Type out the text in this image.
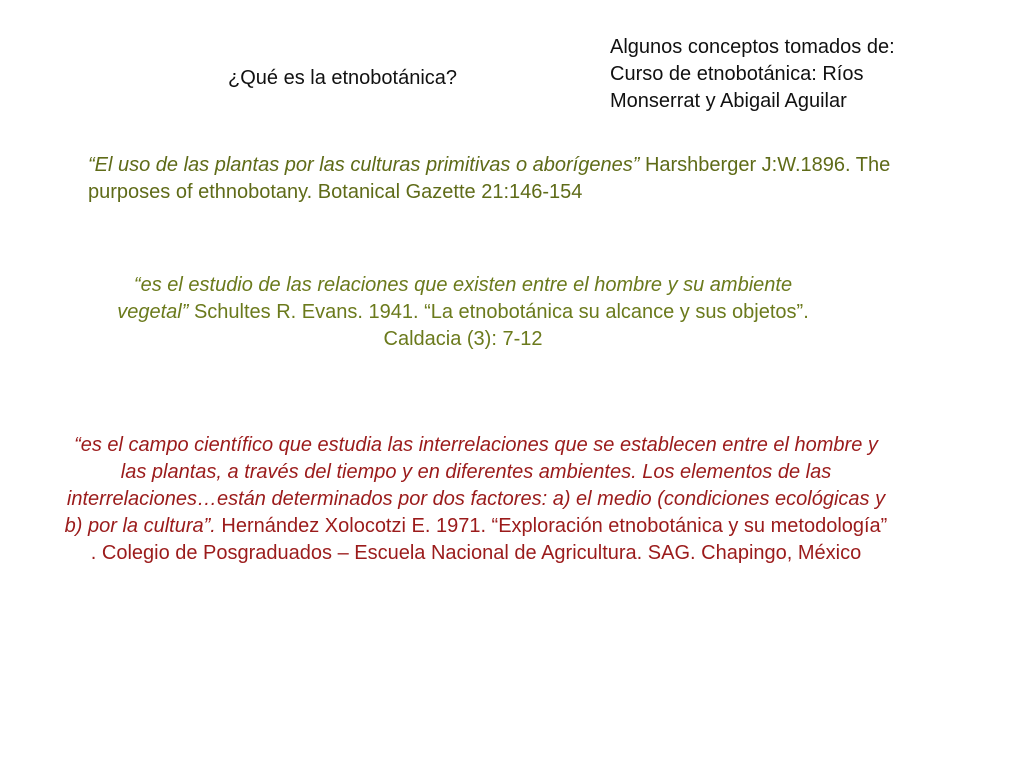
¿Qué es la etnobotánica?
Algunos conceptos tomados de:
Curso de etnobotánica: Ríos
Monserrat y Abigail Aguilar

“El uso de las plantas por las culturas primitivas o aborígenes” Harshberger J:W.1896. The purposes of ethnobotany. Botanical Gazette 21:146-154

“es el estudio de las relaciones que existen entre el hombre y su ambiente vegetal” Schultes R. Evans. 1941. “La etnobotánica su alcance y sus objetos”. Caldacia (3): 7-12

“es el campo científico que estudia las interrelaciones que se establecen entre el hombre y las plantas, a través del tiempo y en diferentes ambientes. Los elementos de las interrelaciones…están determinados por dos factores: a) el medio (condiciones ecológicas y b) por la cultura”. Hernández Xolocotzi E. 1971. “Exploración etnobotánica y su metodología” . Colegio de Posgraduados – Escuela Nacional de Agricultura. SAG. Chapingo, México
